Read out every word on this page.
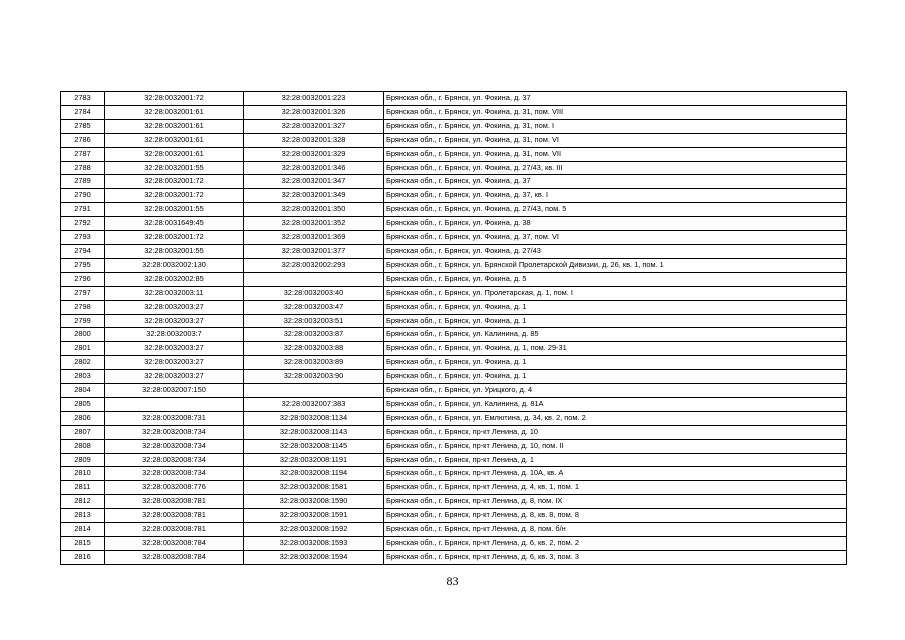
2783	32:28:0032001:72	32:28:0032001:223	Брянская обл., г. Брянск, ул. Фокина, д. 37
2784	32:28:0032001:61	32:28:0032001:326	Брянская обл., г. Брянск, ул. Фокина, д. 31, пом. VIII
2785	32:28:0032001:61	32:28:0032001:327	Брянская обл., г. Брянск, ул. Фокина, д. 31, пом. I
2786	32:28:0032001:61	32:28:0032001:328	Брянская обл., г. Брянск, ул. Фокина, д. 31, пом. VI
2787	32:28:0032001:61	32:28:0032001:329	Брянская обл., г. Брянск, ул. Фокина, д. 31, пом. VII
2788	32:28:0032001:55	32:28:0032001:346	Брянская обл., г. Брянск, ул. Фокина, д. 27/43, кв. III
2789	32:28:0032001:72	32:28:0032001:347	Брянская обл., г. Брянск, ул. Фокина, д. 37
2790	32:28:0032001:72	32:28:0032001:349	Брянская обл., г. Брянск, ул. Фокина, д. 37, кв. I
2791	32:28:0032001:55	32:28:0032001:350	Брянская обл., г. Брянск, ул. Фокина, д. 27/43, пом. 5
2792	32:28:0031649:45	32:28:0032001:352	Брянская обл., г. Брянск, ул. Фокина, д. 38
2793	32:28:0032001:72	32:28:0032001:369	Брянская обл., г. Брянск, ул. Фокина, д. 37, пом. VI
2794	32:28:0032001:55	32:28:0032001:377	Брянская обл., г. Брянск, ул. Фокина, д. 27/43
2795	32:28:0032002:130	32:28:0032002:293	Брянская обл., г. Брянск, ул. Брянской Пролетарской Дивизии, д. 26, кв. 1, пом. 1
2796	32:28:0032002:85		Брянская обл., г. Брянск, ул. Фокина, д. 5
2797	32:28:0032003:11	32:28:0032003:40	Брянская обл., г. Брянск, ул. Пролетарская, д. 1, пом. I
2798	32:28:0032003:27	32:28:0032003:47	Брянская обл., г. Брянск, ул. Фокина, д. 1
2799	32:28:0032003:27	32:28:0032003:51	Брянская обл., г. Брянск, ул. Фокина, д. 1
2800	32:28:0032003:7	32:28:0032003:87	Брянская обл., г. Брянск, ул. Калинина, д. 85
2801	32:28:0032003:27	32:28:0032003:88	Брянская обл., г. Брянск, ул. Фокина, д. 1, пом. 29-31
2802	32:28:0032003:27	32:28:0032003:89	Брянская обл., г. Брянск, ул. Фокина, д. 1
2803	32:28:0032003:27	32:28:0032003:90	Брянская обл., г. Брянск, ул. Фокина, д. 1
2804	32:28:0032007:150		Брянская обл., г. Брянск, ул. Урицкого, д. 4
2805		32:28:0032007:383	Брянская обл., г. Брянск, ул. Калинина, д. 81А
2806	32:28:0032008:731	32:28:0032008:1134	Брянская обл., г. Брянск, ул. Емлютина, д. 34, кв. 2, пом. 2
2807	32:28:0032008:734	32:28:0032008:1143	Брянская обл., г. Брянск, пр-кт Ленина, д. 10
2808	32:28:0032008:734	32:28:0032008:1145	Брянская обл., г. Брянск, пр-кт Ленина, д. 10, пом. II
2809	32:28:0032008:734	32:28:0032008:1191	Брянская обл., г. Брянск, пр-кт Ленина, д. 1
2810	32:28:0032008:734	32:28:0032008:1194	Брянская обл., г. Брянск, пр-кт Ленина, д. 10А, кв. А
2811	32:28:0032008:776	32:28:0032008:1581	Брянская обл., г. Брянск, пр-кт Ленина, д. 4, кв. 1, пом. 1
2812	32:28:0032008:781	32:28:0032008:1590	Брянская обл., г. Брянск, пр-кт Ленина, д. 8, пом. IX
2813	32:28:0032008:781	32:28:0032008:1591	Брянская обл., г. Брянск, пр-кт Ленина, д. 8, кв. 8, пом. 8
2814	32:28:0032008:781	32:28:0032008:1592	Брянская обл., г. Брянск, пр-кт Ленина, д. 8, пом. б/н
2815	32:28:0032008:784	32:28:0032008:1593	Брянская обл., г. Брянск, пр-кт Ленина, д. 6, кв. 2, пом. 2
2816	32:28:0032008:784	32:28:0032008:1594	Брянская обл., г. Брянск, пр-кт Ленина, д. 6, кв. 3, пом. 3
83
